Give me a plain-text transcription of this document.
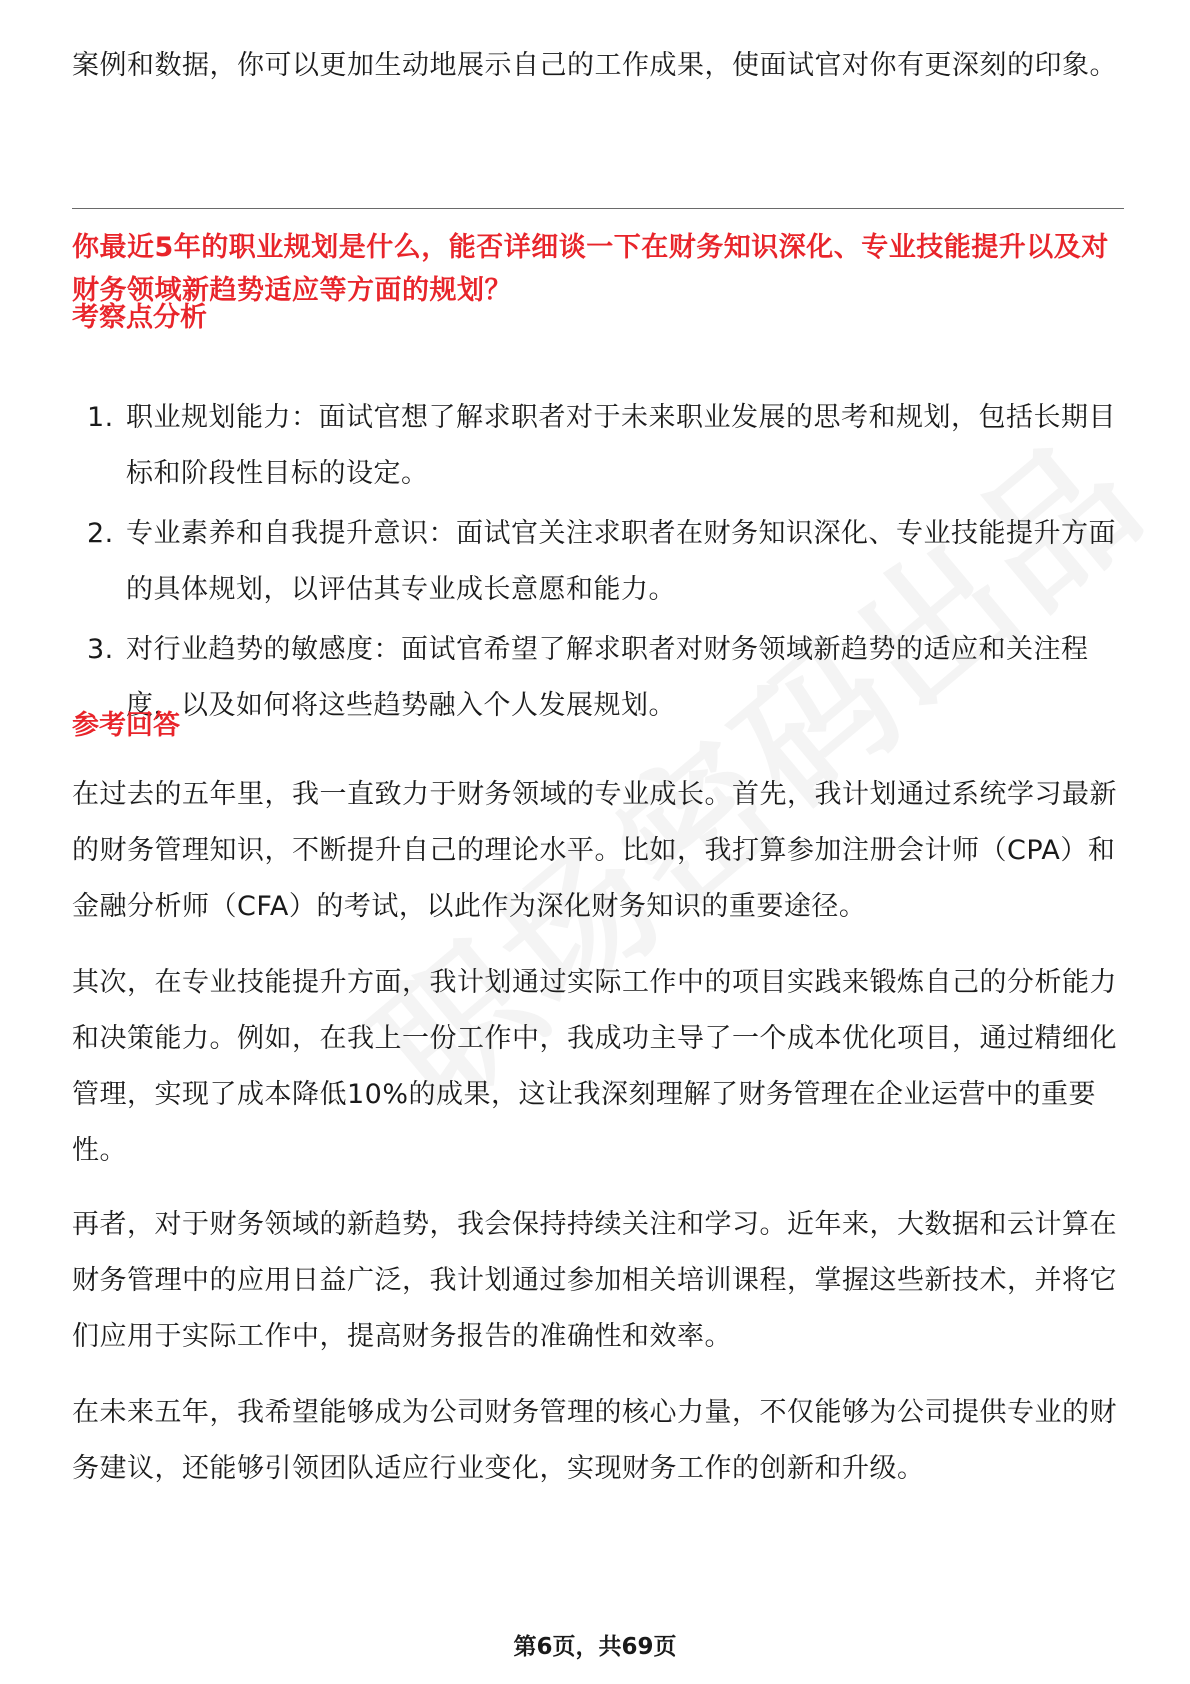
案例和数据，你可以更加生动地展示自己的工作成果，使面试官对你有更深刻的印象。

你最近5年的职业规划是什么，能否详细谈一下在财务知识深化、专业技能提升以及对财务领域新趋势适应等方面的规划？

考察点分析

1. 职业规划能力：面试官想了解求职者对于未来职业发展的思考和规划，包括长期目标和阶段性目标的设定。
2. 专业素养和自我提升意识：面试官关注求职者在财务知识深化、专业技能提升方面的具体规划，以评估其专业成长意愿和能力。
3. 对行业趋势的敏感度：面试官希望了解求职者对财务领域新趋势的适应和关注程度，以及如何将这些趋势融入个人发展规划。

参考回答

在过去的五年里，我一直致力于财务领域的专业成长。首先，我计划通过系统学习最新的财务管理知识，不断提升自己的理论水平。比如，我打算参加注册会计师（CPA）和金融分析师（CFA）的考试，以此作为深化财务知识的重要途径。

其次，在专业技能提升方面，我计划通过实际工作中的项目实践来锻炼自己的分析能力和决策能力。例如，在我上一份工作中，我成功主导了一个成本优化项目，通过精细化管理，实现了成本降低10%的成果，这让我深刻理解了财务管理在企业运营中的重要性。

再者，对于财务领域的新趋势，我会保持持续关注和学习。近年来，大数据和云计算在财务管理中的应用日益广泛，我计划通过参加相关培训课程，掌握这些新技术，并将它们应用于实际工作中，提高财务报告的准确性和效率。

在未来五年，我希望能够成为公司财务管理的核心力量，不仅能够为公司提供专业的财务建议，还能够引领团队适应行业变化，实现财务工作的创新和升级。

第6页，共69页
